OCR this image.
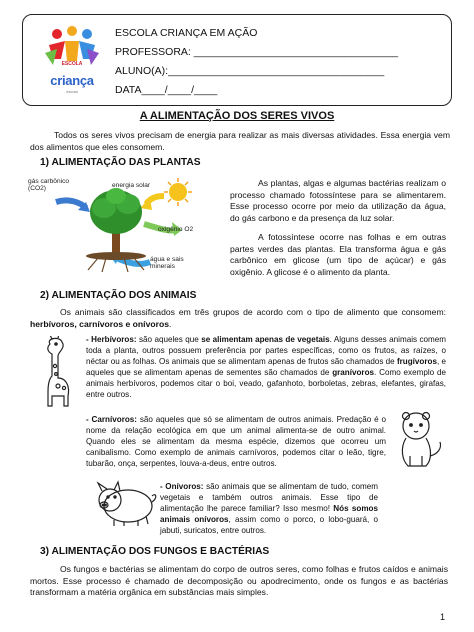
ESCOLA
criança
escola
ESCOLA CRIANÇA EM AÇÃO
PROFESSORA: ___________________________________
ALUNO(A):_____________________________________
DATA____/____/____
A ALIMENTAÇÃO DOS SERES VIVOS
Todos os seres vivos precisam de energia para realizar as mais diversas atividades. Essa energia vem dos alimentos que eles consomem.
1) ALIMENTAÇÃO DAS PLANTAS
gás carbônico (CO2)	energia solar
oxigênio O2
água e sais minerais
As plantas, algas e algumas bactérias realizam o processo chamado fotossíntese para se alimentarem. Esse processo ocorre por meio da utilização da água, do gás carbono e da presença da luz solar.
A fotossíntese ocorre nas folhas e em outras partes verdes das plantas. Ela transforma água e gás carbônico em glicose (um tipo de açúcar) e gás oxigênio. A glicose é o alimento da planta.
2) ALIMENTAÇÃO DOS ANIMAIS
Os animais são classificados em três grupos de acordo com o tipo de alimento que consomem: herbívoros, carnívoros e onívoros.
- Herbívoros: são aqueles que se alimentam apenas de vegetais. Alguns desses animais comem toda a planta, outros possuem preferência por partes específicas, como os frutos, as raízes, o néctar ou as folhas. Os animais que se alimentam apenas de frutos são chamados de frugívoros, e aqueles que se alimentam apenas de sementes são chamados de granívoros. Como exemplo de animais herbívoros, podemos citar o boi, veado, gafanhoto, borboletas, zebras, elefantes, girafas, entre outros.
- Carnívoros: são aqueles que só se alimentam de outros animais. Predação é o nome da relação ecológica em que um animal alimenta-se de outro animal. Quando eles se alimentam da mesma espécie, dizemos que ocorreu um canibalismo. Como exemplo de animais carnívoros, podemos citar o leão, tigre, tubarão, onça, serpentes, louva-a-deus, entre outros.
- Onívoros: são animais que se alimentam de tudo, comem vegetais e também outros animais. Esse tipo de alimentação lhe parece familiar? Isso mesmo! Nós somos animais onívoros, assim como o porco, o lobo-guará, o jabuti, suricatos, entre outros.
3) ALIMENTAÇÃO DOS FUNGOS E BACTÉRIAS
Os fungos e bactérias se alimentam do corpo de outros seres, como folhas e frutos caídos e animais mortos. Esse processo é chamado de decomposição ou apodrecimento, onde os fungos e as bactérias transformam a matéria orgânica em substâncias mais simples.
1
